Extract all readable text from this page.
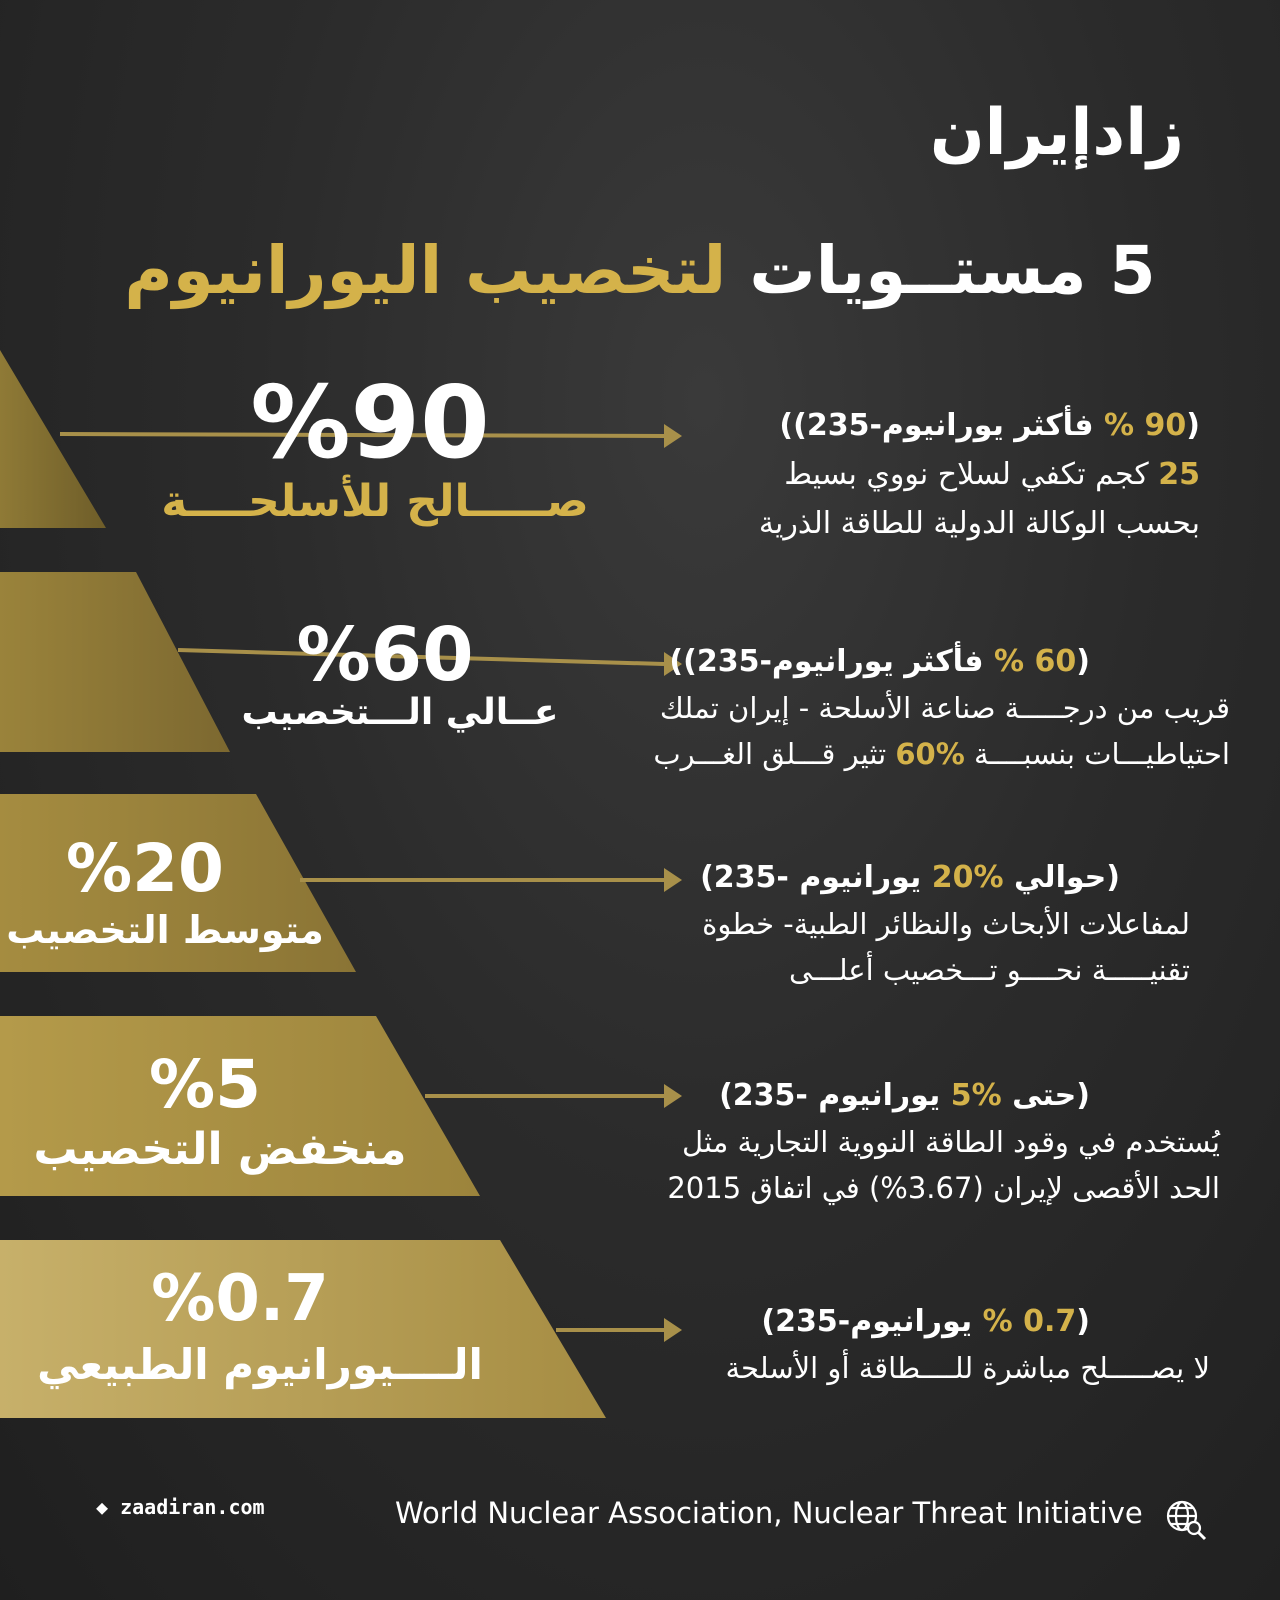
زادإيران
5 مستــويات لتخصيب اليورانيوم
%90
صـــــالح للأسلحــــة
(90 % فأكثر يورانيوم-235))
25 كجم تكفي لسلاح نووي بسيط
بحسب الوكالة الدولية للطاقة الذرية
%60
عــالي الـــتخصيب
(60 % فأكثر يورانيوم-235))
قريب من درجـــــة صناعة الأسلحة - إيران تملك
احتياطيـــات بنسبــــة %60 تثير قـــلق الغـــرب
%20
متوسط التخصيب
(حوالي %20 يورانيوم -235)
لمفاعلات الأبحاث والنظائر الطبية- خطوة
تقنيـــــة نحــــو تـــخصيب أعلـــى
%5
منخفض التخصيب
(حتى %5 يورانيوم -235)
يُستخدم في وقود الطاقة النووية التجارية مثل
الحد الأقصى لإيران (3.67%) في اتفاق 2015
%0.7
الــــيورانيوم الطبيعي
(0.7 % يورانيوم-235)
لا يصـــــلح مباشرة للــــطاقة أو الأسلحة
◆ zaadiran.com	World Nuclear Association, Nuclear Threat Initiative
